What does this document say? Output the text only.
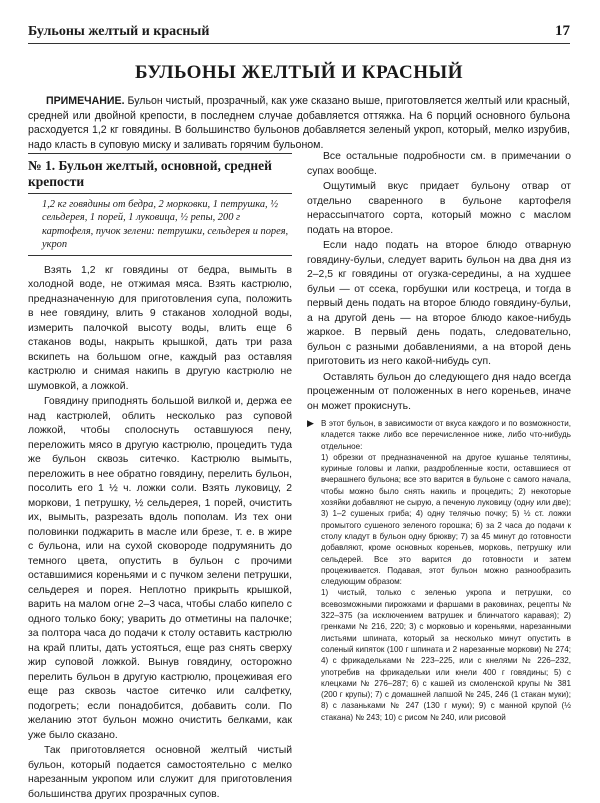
Бульоны желтый и красный	17
БУЛЬОНЫ ЖЕЛТЫЙ И КРАСНЫЙ
ПРИМЕЧАНИЕ. Бульон чистый, прозрачный, как уже сказано выше, приготовляется желтый или красный, средней или двойной крепости, в последнем случае добавляется оттяжка. На 6 порций основного бульона расходуется 1,2 кг говядины. В большинство бульонов добавляется зеленый укроп, который, мелко изрубив, надо класть в суповую миску и заливать горячим бульоном.
№ 1. Бульон желтый, основной, средней крепости
1,2 кг говядины от бедра, 2 морковки, 1 петрушка, ½ сельдерея, 1 порей, 1 луковица, ½ репы, 200 г картофеля, пучок зелени: петрушки, сельдерея и порея, укроп

Взять 1,2 кг говядины от бедра, вымыть в холодной воде, не отжимая мяса. Взять кастрюлю, предназначенную для приготовления супа, положить в нее говядину, влить 9 стаканов холодной воды, измерить палочкой высоту воды, влить еще 6 стаканов воды, накрыть крышкой, дать три раза вскипеть на большом огне, каждый раз оставляя кастрюлю и снимая накипь в другую кастрюлю не шумовкой, а ложкой.

Говядину приподнять большой вилкой и, держа ее над кастрюлей, облить несколько раз суповой ложкой, чтобы сполоснуть оставшуюся пену, переложить мясо в другую кастрюлю, процедить туда же бульон сквозь ситечко. Кастрюлю вымыть, переложить в нее обратно говядину, перелить бульон, посолить его 1 ½ ч. ложки соли. Взять луковицу, 2 моркови, 1 петрушку, ½ сельдерея, 1 порей, очистить их, вымыть, разрезать вдоль пополам. Из тех они половинки поджарить в масле или брезе, т. е. в жире с бульона, или на сухой сковороде подрумянить до темного цвета, опустить в бульон с прочими оставшимися кореньями и с пучком зелени петрушки, сельдерея и порея. Неплотно прикрыть крышкой, варить на малом огне 2–3 часа, чтобы слабо кипело с одного только боку; уварить до отметины на палочке; за полтора часа до подачи к столу оставить кастрюлю на край плиты, дать устояться, еще раз снять сверху жир суповой ложкой. Вынув говядину, осторожно перелить бульон в другую кастрюлю, процеживая его еще раз сквозь частое ситечко или салфетку, подогреть; если понадобится, добавить соли. По желанию этот бульон можно очистить белками, как уже было сказано.

Так приготовляется основной желтый чистый бульон, который подается самостоятельно с мелко нарезанным укропом или служит для приготовления большинства других прозрачных супов.

Все остальные подробности см. в примечании о супах вообще.

Ощутимый вкус придает бульону отвар от отдельно сваренного в бульоне картофеля нерассыпчатого сорта, который можно с маслом подать на второе.

Если надо подать на второе блюдо отварную говядину-бульи, следует варить бульон на два дня из 2–2,5 кг говядины от огузка-середины, а на худшее бульи — от ссека, горбушки или костреца, и тогда в первый день подать на второе блюдо говядину-бульи, а на другой день — на второе блюдо какое-нибудь жаркое. В первый день подать, следовательно, бульон с разными добавлениями, а на второй день приготовить из него какой-нибудь суп.

Оставлять бульон до следующего дня надо всегда процеженным от положенных в него кореньев, иначе он может прокиснуть.

▶ В этот бульон, в зависимости от вкуса каждого и по возможности, кладется также либо все перечисленное ниже, либо что-нибудь отдельное:
1) обрезки от предназначенной на другое кушанье телятины, куриные головы и лапки, раздробленные кости, оставшиеся от вчерашнего бульона; все это варится в бульоне с самого начала, чтобы можно было снять накипь и процедить; 2) некоторые хозяйки добавляют не сырую, а печеную луковицу (одну или две); 3) 1–2 сушеных гриба; 4) одну телячью почку; 5) ½ ст. ложки промытого сушеного зеленого горошка; 6) за 2 часа до подачи к столу кладут в бульон одну брюкву; 7) за 45 минут до готовности добавляют, кроме основных кореньев, морковь, петрушку или сельдерей. Все это варится до готовности и затем процеживается. Подавая, этот бульон можно разнообразить следующим образом:
1) чистый, только с зеленью укропа и петрушки, со всевозможными пирожками и фаршами в раковинах, рецепты № 322–375 (за исключением ватрушек и блинчатого каравая); 2) гренками № 216, 220; 3) с морковью и кореньями, нарезанными листьями шпината, который за несколько минут опустить в соленый кипяток (100 г шпината и 2 нарезанные моркови) № 274; 4) с фрикадельками № 223–225, или с кнелями № 226–232, употребив на фрикадельки или кнели 400 г говядины; 5) с клецками № 276–287; 6) с кашей из смоленской крупы № 381 (200 г крупы); 7) с домашней лапшой № 245, 246 (1 стакан муки); 8) с лазаньками № 247 (130 г муки); 9) с манной крупой (½ стакана) № 243; 10) с рисом № 240, или рисовой
